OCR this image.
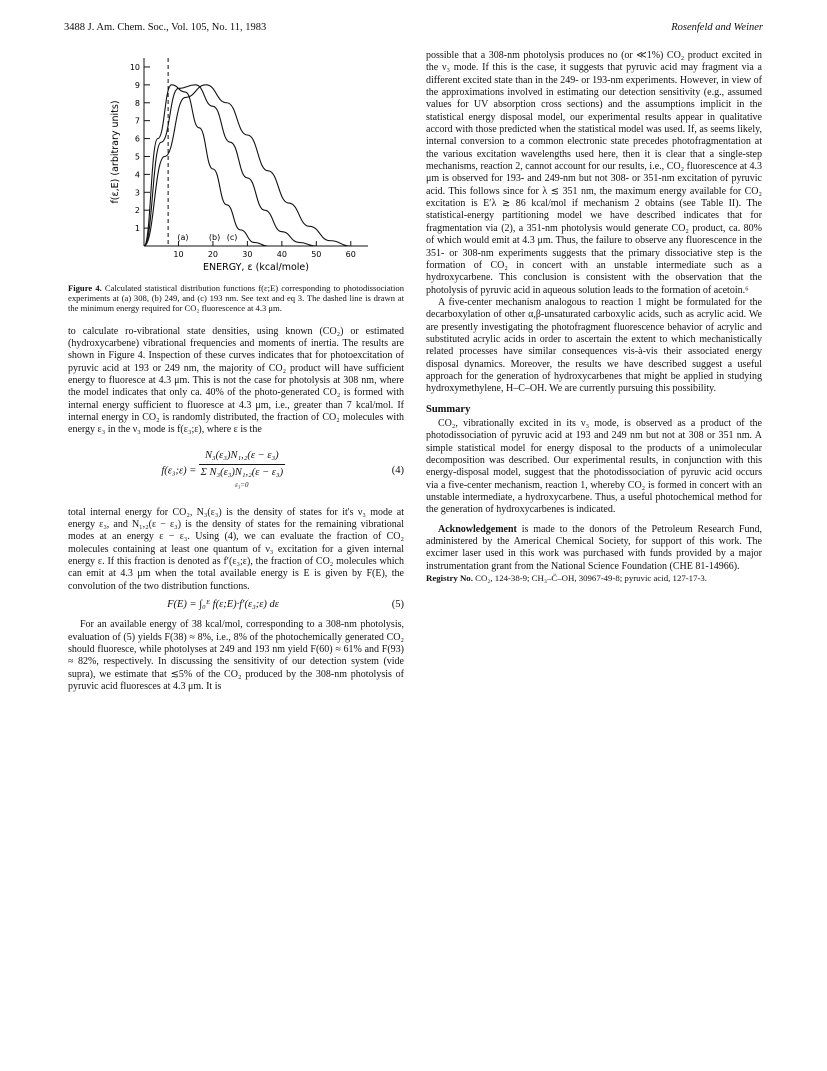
3488 J. Am. Chem. Soc., Vol. 105, No. 11, 1983	Rosenfeld and Weiner
1
2
3
4
5
6
7
8
9
10
10	20	30	40	50	60
(a)	(b) (c)
ENERGY, ε (kcal/mole)
f(ε,E) (arbitrary units)
Figure 4. Calculated statistical distribution functions f(ε;E) corresponding to photodissociation experiments at (a) 308, (b) 249, and (c) 193 nm. See text and eq 3. The dashed line is drawn at the minimum energy required for CO₂ fluorescence at 4.3 μm.

to calculate ro-vibrational state densities, using known (CO₂) or estimated (hydroxycarbene) vibrational frequencies and moments of inertia. The results are shown in Figure 4. Inspection of these curves indicates that for photoexcitation of pyruvic acid at 193 or 249 nm, the majority of CO₂ product will have sufficient energy to fluoresce at 4.3 μm. This is not the case for photolysis at 308 nm, where the model indicates that only ca. 40% of the photo-generated CO₂ is formed with internal energy sufficient to fluoresce at 4.3 μm, i.e., greater than 7 kcal/mol. If internal energy in CO₂ is randomly distributed, the fraction of CO₂ molecules with energy ε₃ in the ν₃ mode is f(ε₃;ε), where ε is the

f(ε₃;ε) =
N₃(ε₃)N₁,₂(ε − ε₃)
Σ N₃(ε₃)N₁,₂(ε − ε₃)
ε₃=0
(4)

total internal energy for CO₂, N₃(ε₃) is the density of states for it's ν₃ mode at energy ε₃, and N₁,₂(ε − ε₃) is the density of states for the remaining vibrational modes at an energy ε − ε₃. Using (4), we can evaluate the fraction of CO₂ molecules containing at least one quantum of ν₃ excitation for a given internal energy ε. If this fraction is denoted as f′(ε₃;ε), the fraction of CO₂ molecules which can emit at 4.3 μm when the total available energy is E is given by F(E), the convolution of the two distribution functions.

F(E) = ∫₀ᴱ f(ε;E)·f′(ε₃;ε) dε	(5)

For an available energy of 38 kcal/mol, corresponding to a 308-nm photolysis, evaluation of (5) yields F(38) ≈ 8%, i.e., 8% of the photochemically generated CO₂ should fluoresce, while photolyses at 249 and 193 nm yield F(60) ≈ 61% and F(93) ≈ 82%, respectively. In discussing the sensitivity of our detection system (vide supra), we estimate that ≲5% of the CO₂ produced by the 308-nm photolysis of pyruvic acid fluoresces at 4.3 μm. It is

possible that a 308-nm photolysis produces no (or ≪1%) CO₂ product excited in the ν₃ mode. If this is the case, it suggests that pyruvic acid may fragment via a different excited state than in the 249- or 193-nm experiments. However, in view of the approximations involved in estimating our detection sensitivity (e.g., assumed values for UV absorption cross sections) and the assumptions implicit in the statistical energy disposal model, our experimental results appear in qualitative accord with those predicted when the statistical model was used. If, as seems likely, internal conversion to a common electronic state precedes photofragmentation at the various excitation wavelengths used here, then it is clear that a single-step mechanisms, reaction 2, cannot account for our results, i.e., CO₂ fluorescence at 4.3 μm is observed for 193- and 249-nm but not 308- or 351-nm excitation of pyruvic acid. This follows since for λ ≲ 351 nm, the maximum energy available for CO₂ excitation is E′λ ≳ 86 kcal/mol if mechanism 2 obtains (see Table II). The statistical-energy partitioning model we have described indicates that for fragmentation via (2), a 351-nm photolysis would generate CO₂ product, ca. 80% of which would emit at 4.3 μm. Thus, the failure to observe any fluorescence in the 351- or 308-nm experiments suggests that the primary dissociative step is the formation of CO₂ in concert with an unstable intermediate such as a hydroxycarbene. This conclusion is consistent with the observation that the photolysis of pyruvic acid in aqueous solution leads to the formation of acetoin.⁶

A five-center mechanism analogous to reaction 1 might be formulated for the decarboxylation of other α,β-unsaturated carboxylic acids, such as acrylic acid. We are presently investigating the photofragment fluorescence behavior of acrylic and substituted acrylic acids in order to ascertain the extent to which mechanistically related processes have similar consequences vis-à-vis their associated energy disposal dynamics. Moreover, the results we have described suggest a useful approach for the generation of hydroxycarbenes that might be applied in studying hydroxymethylene, H–C–OH. We are currently pursuing this possibility.

Summary

CO₂, vibrationally excited in its ν₃ mode, is observed as a product of the photodissociation of pyruvic acid at 193 and 249 nm but not at 308 or 351 nm. A simple statistical model for energy disposal to the products of a unimolecular decomposition was described. Our experimental results, in conjunction with this energy-disposal model, suggest that the photodissociation of pyruvic acid occurs via a five-center mechanism, reaction 1, whereby CO₂ is formed in concert with an unstable intermediate, a hydroxycarbene. Thus, a useful photochemical method for the generation of hydroxycarbenes is indicated.

Acknowledgement is made to the donors of the Petroleum Research Fund, administered by the Americal Chemical Society, for support of this work. The excimer laser used in this work was purchased with funds provided by a major instrumentation grant from the National Science Foundation (CHE 81-14966).

Registry No. CO₂, 124-38-9; CH₃–C̈–OH, 30967-49-8; pyruvic acid, 127-17-3.
